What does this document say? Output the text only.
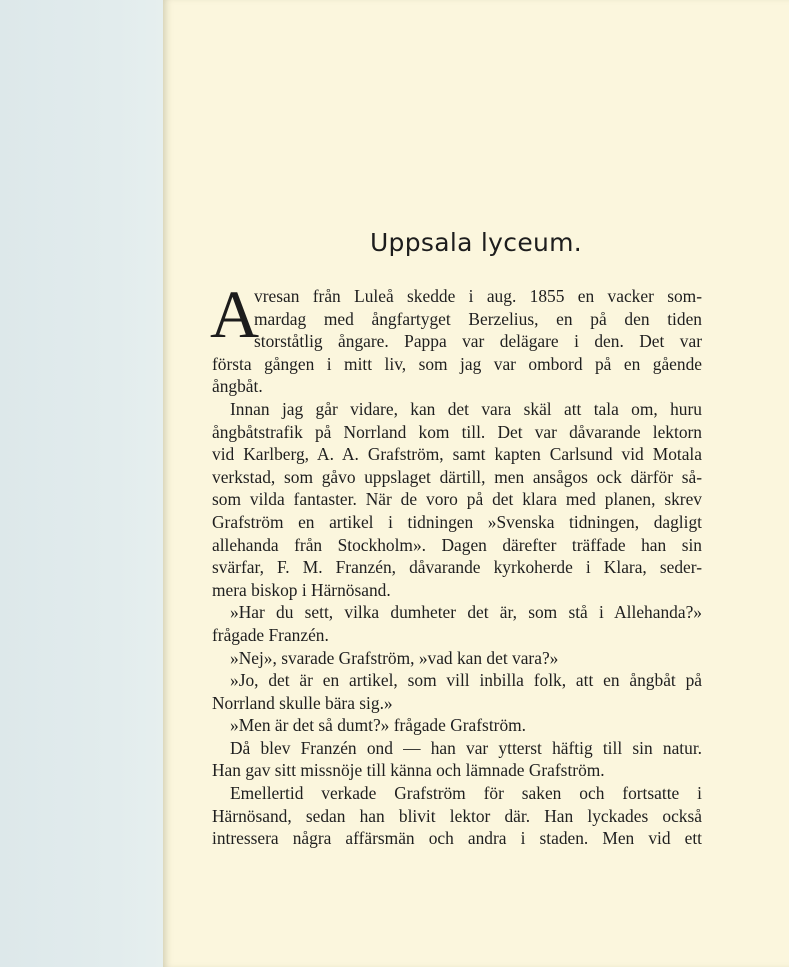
Uppsala lyceum.
A
vresan från Luleå skedde i aug. 1855 en vacker som-
mardag med ångfartyget Berzelius, en på den tiden
storståtlig ångare. Pappa var delägare i den. Det var
första gången i mitt liv, som jag var ombord på en gående
ångbåt.
Innan jag går vidare, kan det vara skäl att tala om, huru
ångbåtstrafik på Norrland kom till. Det var dåvarande lektorn
vid Karlberg, A. A. Grafström, samt kapten Carlsund vid Motala
verkstad, som gåvo uppslaget därtill, men ansågos ock därför så-
som vilda fantaster. När de voro på det klara med planen, skrev
Grafström en artikel i tidningen »Svenska tidningen, dagligt
allehanda från Stockholm». Dagen därefter träffade han sin
svärfar, F. M. Franzén, dåvarande kyrkoherde i Klara, seder-
mera biskop i Härnösand.
»Har du sett, vilka dumheter det är, som stå i Allehanda?»
frågade Franzén.
»Nej», svarade Grafström, »vad kan det vara?»
»Jo, det är en artikel, som vill inbilla folk, att en ångbåt på
Norrland skulle bära sig.»
»Men är det så dumt?» frågade Grafström.
Då blev Franzén ond — han var ytterst häftig till sin natur.
Han gav sitt missnöje till känna och lämnade Grafström.
Emellertid verkade Grafström för saken och fortsatte i
Härnösand, sedan han blivit lektor där. Han lyckades också
intressera några affärsmän och andra i staden. Men vid ett
